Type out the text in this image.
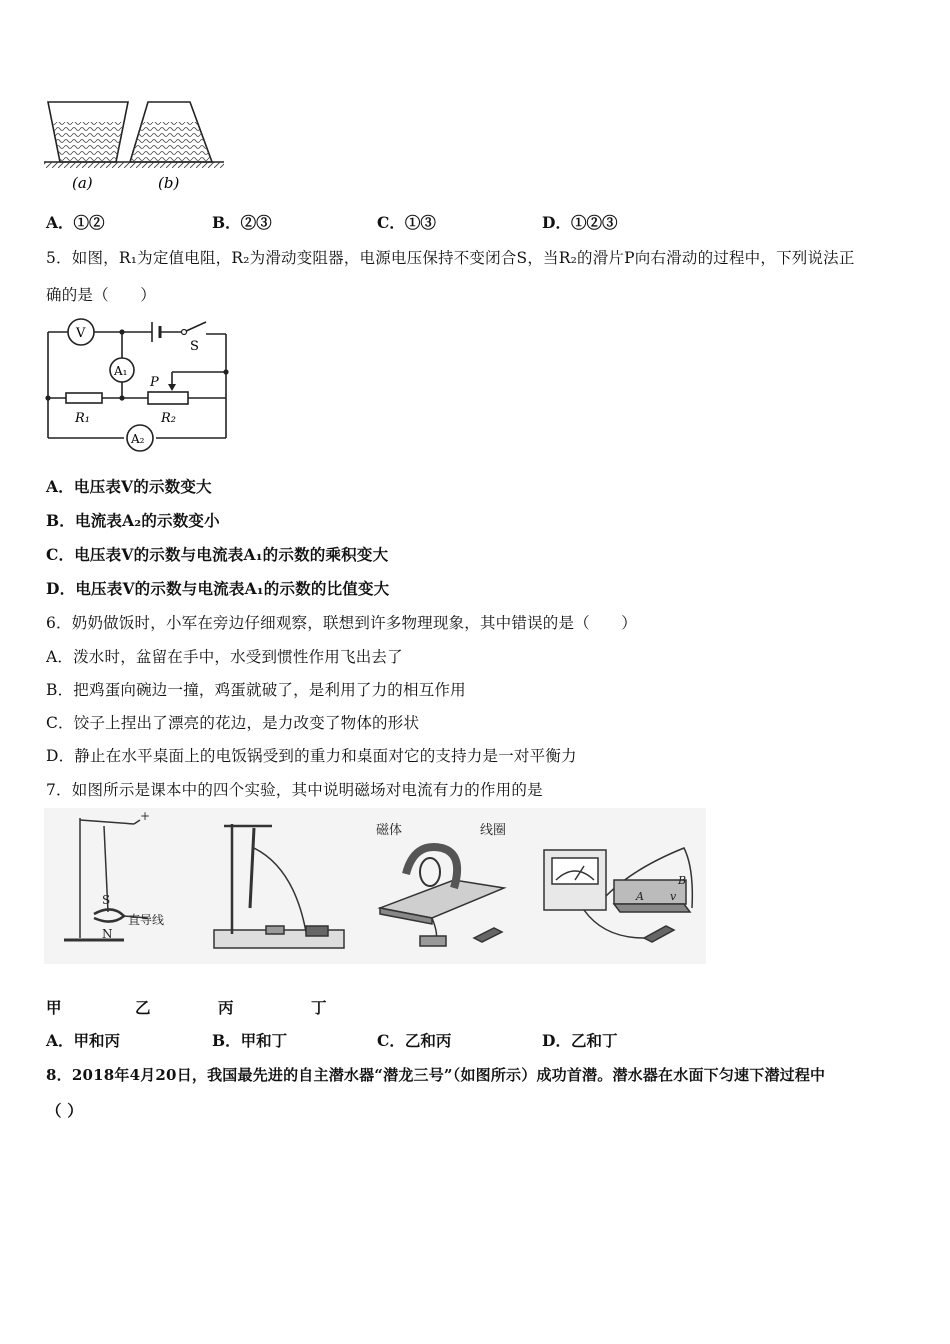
(a)	(b)
A．①②	B．②③	C．①③	D．①②③
5．如图，R₁为定值电阻，R₂为滑动变阻器，电源电压保持不变闭合S，当R₂的滑片P向右滑动的过程中，下列说法正
确的是（　　）
V
A₁
A₂
S
P
R₁	R₂
A．电压表V的示数变大
B．电流表A₂的示数变小
C．电压表V的示数与电流表A₁的示数的乘积变大
D．电压表V的示数与电流表A₁的示数的比值变大
6．奶奶做饭时，小军在旁边仔细观察，联想到许多物理现象，其中错误的是（　　）
A．泼水时，盆留在手中，水受到惯性作用飞出去了
B．把鸡蛋向碗边一撞，鸡蛋就破了，是利用了力的相互作用
C．饺子上捏出了漂亮的花边，是力改变了物体的形状
D．静止在水平桌面上的电饭锅受到的重力和桌面对它的支持力是一对平衡力
7．如图所示是课本中的四个实验，其中说明磁场对电流有力的作用的是
+
S
N
直导线
磁体	线圈
B
A v
甲	乙	丙	丁
A．甲和丙	B．甲和丁	C．乙和丙	D．乙和丁
8．2018年4月20日，我国最先进的自主潜水器“潜龙三号”（如图所示）成功首潜。潜水器在水面下匀速下潜过程中
（ ）
